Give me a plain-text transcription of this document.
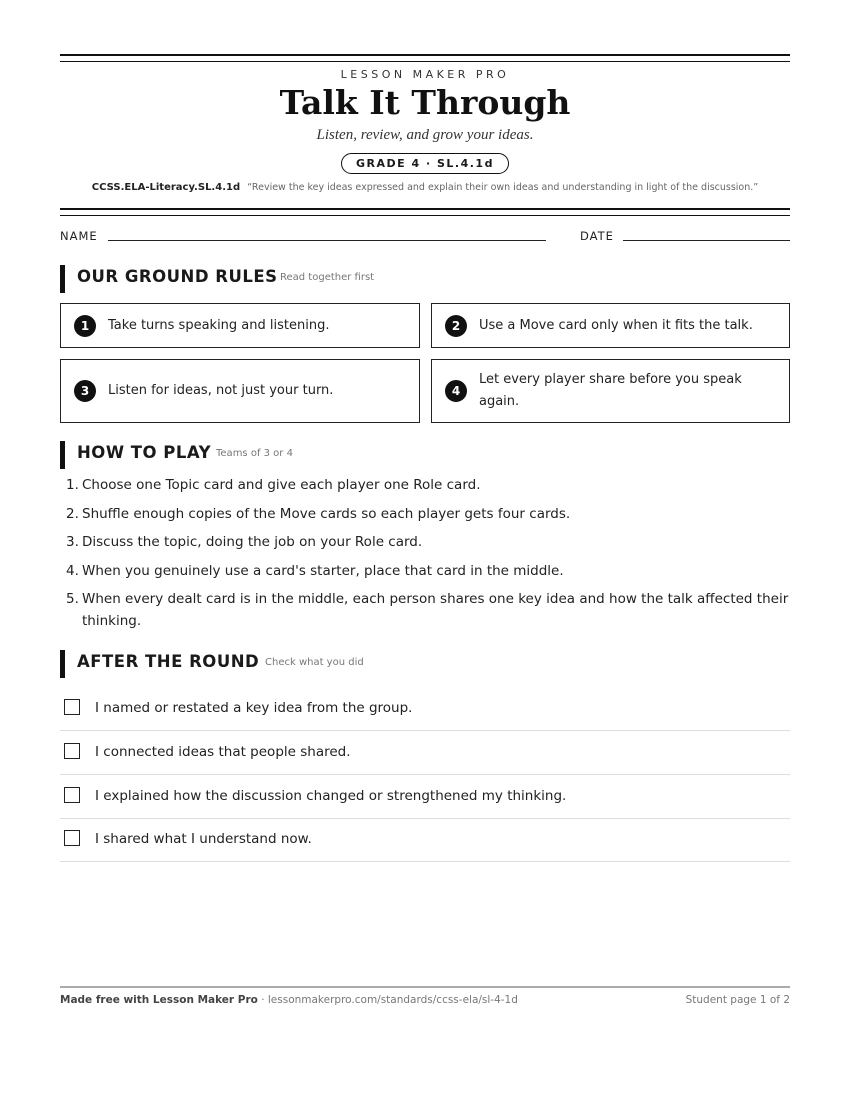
LESSON MAKER PRO
Talk It Through
Listen, review, and grow your ideas.
GRADE 4 · SL.4.1d
CCSS.ELA-Literacy.SL.4.1d “Review the key ideas expressed and explain their own ideas and understanding in light of the discussion.”
NAME	DATE
OUR GROUND RULES Read together first
1	Take turns speaking and listening.	2	Use a Move card only when it fits the talk.
3	Listen for ideas, not just your turn.	4
Let every player share before you speak again.
HOW TO PLAY Teams of 3 or 4
1. Choose one Topic card and give each player one Role card.
2. Shuffle enough copies of the Move cards so each player gets four cards.
3. Discuss the topic, doing the job on your Role card.
4. When you genuinely use a card's starter, place that card in the middle.
5. When every dealt card is in the middle, each person shares one key idea and how the talk affected their thinking.
AFTER THE ROUND Check what you did
I named or restated a key idea from the group.
I connected ideas that people shared.
I explained how the discussion changed or strengthened my thinking.
I shared what I understand now.
Made free with Lesson Maker Pro · lessonmakerpro.com/standards/ccss-ela/sl-4-1d	Student page 1 of 2
